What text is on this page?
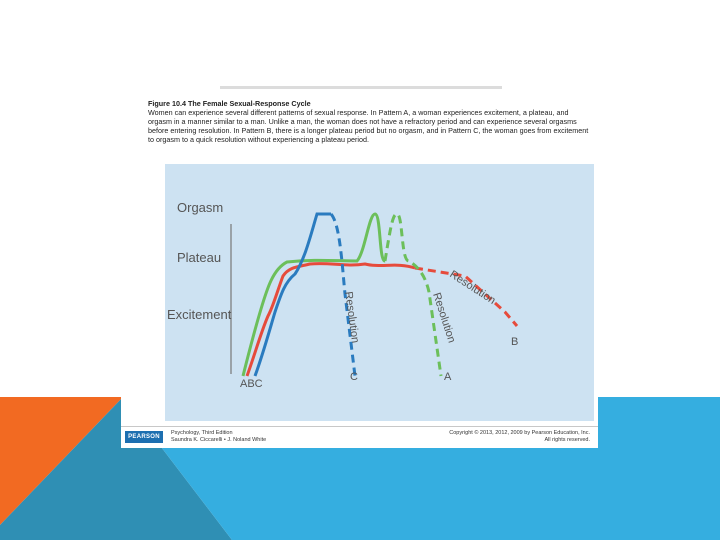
Figure 10.4 The Female Sexual-Response Cycle
Women can experience several different patterns of sexual response. In Pattern A, a woman experiences excitement, a plateau, and orgasm in a manner similar to a man. Unlike a man, the woman does not have a refractory period and can experience several orgasms before entering resolution. In Pattern B, there is a longer plateau period but no orgasm, and in Pattern C, the woman goes from excitement to orgasm to a quick resolution without experiencing a plateau period.
Orgasm
Plateau
Excitement	Resolution	Resolution
Resolution
ABC
C	A
B
PEARSON
Psychology, Third Edition
Saundra K. Ciccarelli • J. Noland White
Copyright © 2013, 2012, 2009 by Pearson Education, Inc.
All rights reserved.
